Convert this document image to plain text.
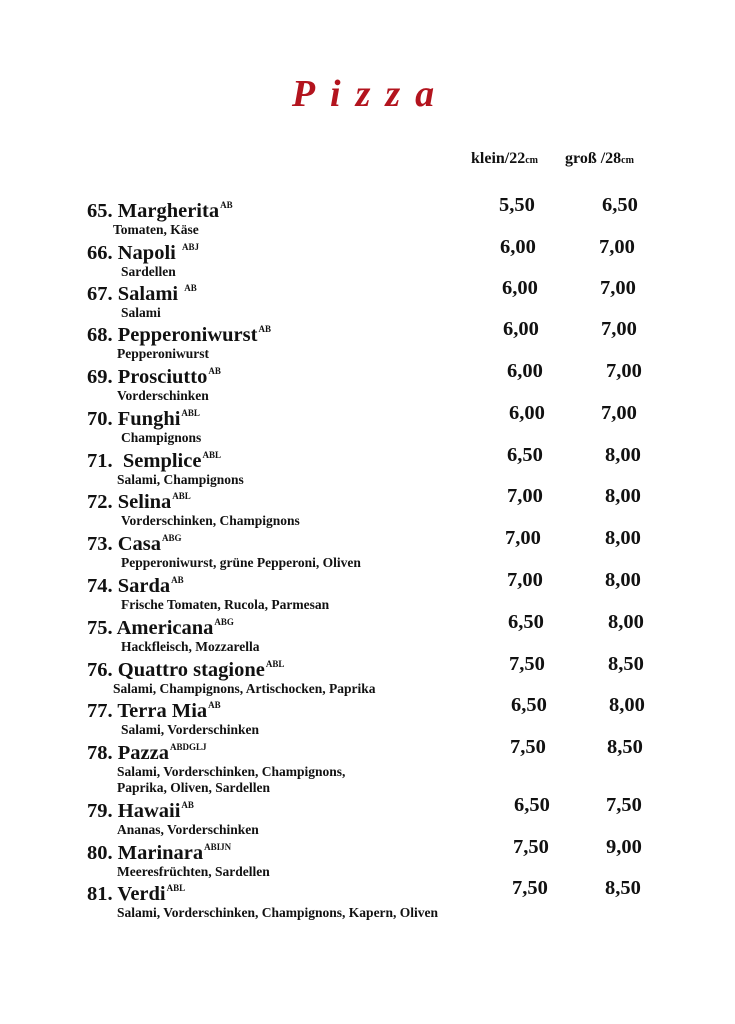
Pizza
klein/22cm groß /28cm
65. Margherita$^{AB}$
Tomaten, Käse
5,50	6,50
66. Napoli $^{ABJ}$
Sardellen
6,00	7,00
67. Salami $^{AB}$
Salami
6,00	7,00
68. Pepperoniwurst$^{AB}$
Pepperoniwurst
6,00	7,00
69. Prosciutto$^{AB}$
Vorderschinken
6,00	7,00
70. Funghi$^{ABL}$
Champignons
6,00	7,00
71. Semplice$^{ABL}$
Salami, Champignons
6,50	8,00
72. Selina$^{ABL}$
Vorderschinken, Champignons
7,00	8,00
73. Casa$^{ABG}$
Pepperoniwurst, grüne Pepperoni, Oliven
7,00	8,00
74. Sarda$^{AB}$
Frische Tomaten, Rucola, Parmesan
7,00	8,00
75. Americana$^{ABG}$
Hackfleisch, Mozzarella
6,50	8,00
76. Quattro stagione$^{ABL}$
Salami, Champignons, Artischocken, Paprika
7,50	8,50
77. Terra Mia$^{AB}$
Salami, Vorderschinken
6,50	8,00
78. Pazza$^{ABDGLJ}$
Salami, Vorderschinken, Champignons,
Paprika, Oliven, Sardellen
7,50	8,50
79. Hawaii$^{AB}$
Ananas, Vorderschinken
6,50	7,50
80. Marinara$^{ABIJN}$
Meeresfrüchten, Sardellen
7,50	9,00
81. Verdi$^{ABL}$
Salami, Vorderschinken, Champignons, Kapern, Oliven
7,50	8,50
